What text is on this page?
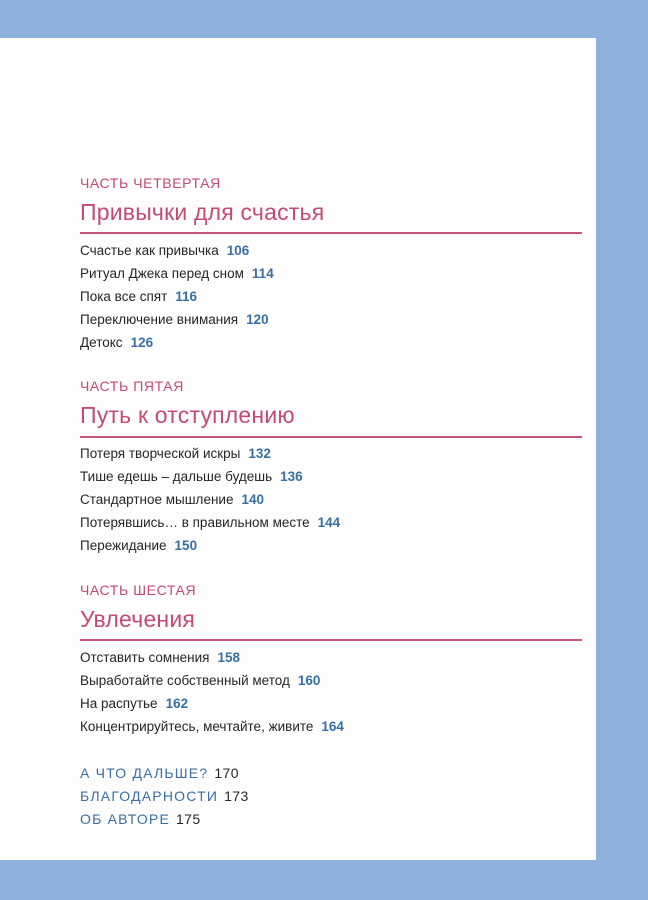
ЧАСТЬ ЧЕТВЕРТАЯ
Привычки для счастья
Счастье как привычка 106
Ритуал Джека перед сном 114
Пока все спят 116
Переключение внимания 120
Детокс 126
ЧАСТЬ ПЯТАЯ
Путь к отступлению
Потеря творческой искры 132
Тише едешь – дальше будешь 136
Стандартное мышление 140
Потерявшись… в правильном месте 144
Пережидание 150
ЧАСТЬ ШЕСТАЯ
Увлечения
Отставить сомнения 158
Выработайте собственный метод 160
На распутье 162
Концентрируйтесь, мечтайте, живите 164
А ЧТО ДАЛЬШЕ? 170
БЛАГОДАРНОСТИ 173
ОБ АВТОРЕ 175
